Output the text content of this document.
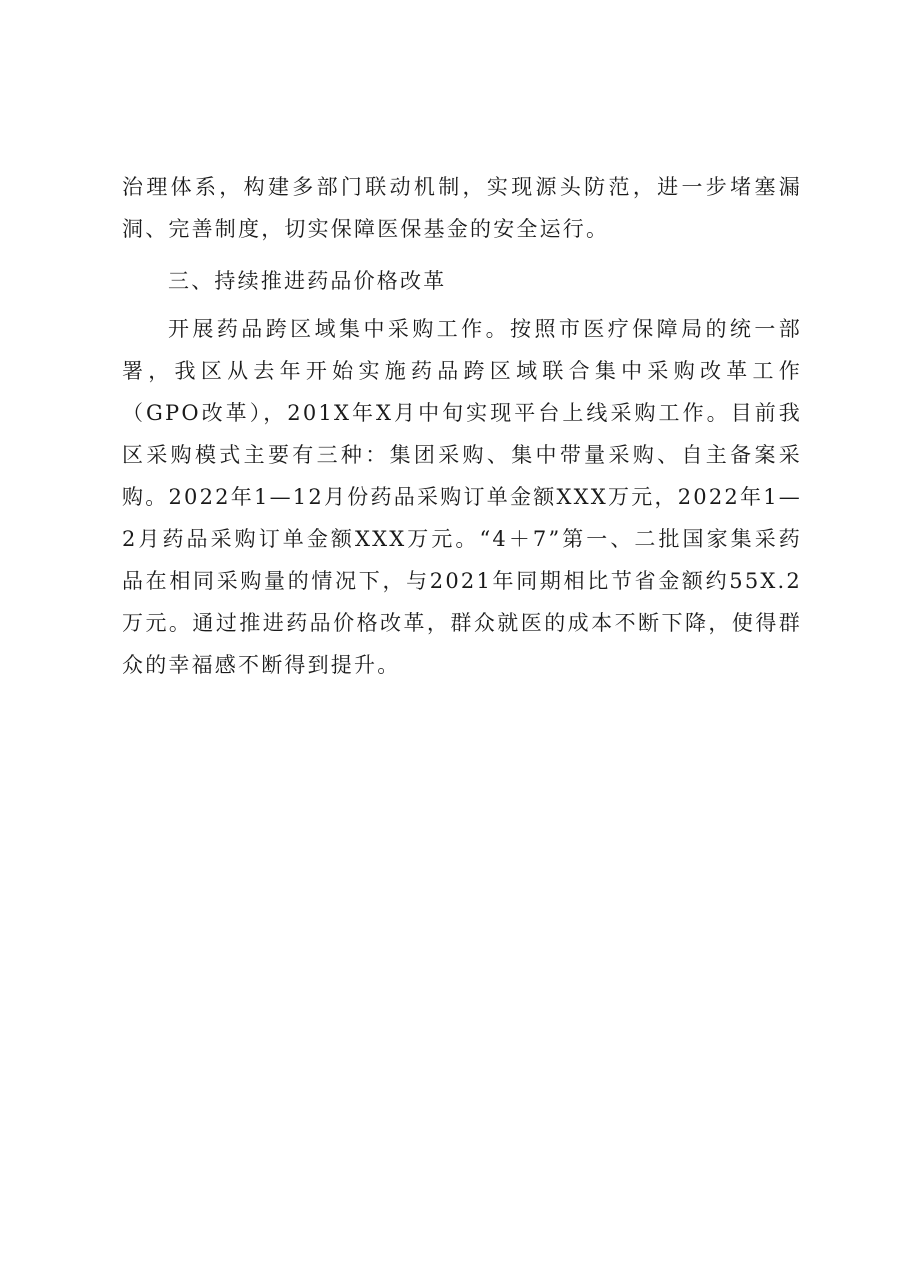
治理体系，构建多部门联动机制，实现源头防范，进一步堵塞漏洞、完善制度，切实保障医保基金的安全运行。

三、持续推进药品价格改革

开展药品跨区域集中采购工作。按照市医疗保障局的统一部署，我区从去年开始实施药品跨区域联合集中采购改革工作（GPO改革），201X年X月中旬实现平台上线采购工作。目前我区采购模式主要有三种：集团采购、集中带量采购、自主备案采购。2022年1—12月份药品采购订单金额XXX万元，2022年1—2月药品采购订单金额XXX万元。“4＋7”第一、二批国家集采药品在相同采购量的情况下，与2021年同期相比节省金额约55X.2万元。通过推进药品价格改革，群众就医的成本不断下降，使得群众的幸福感不断得到提升。
